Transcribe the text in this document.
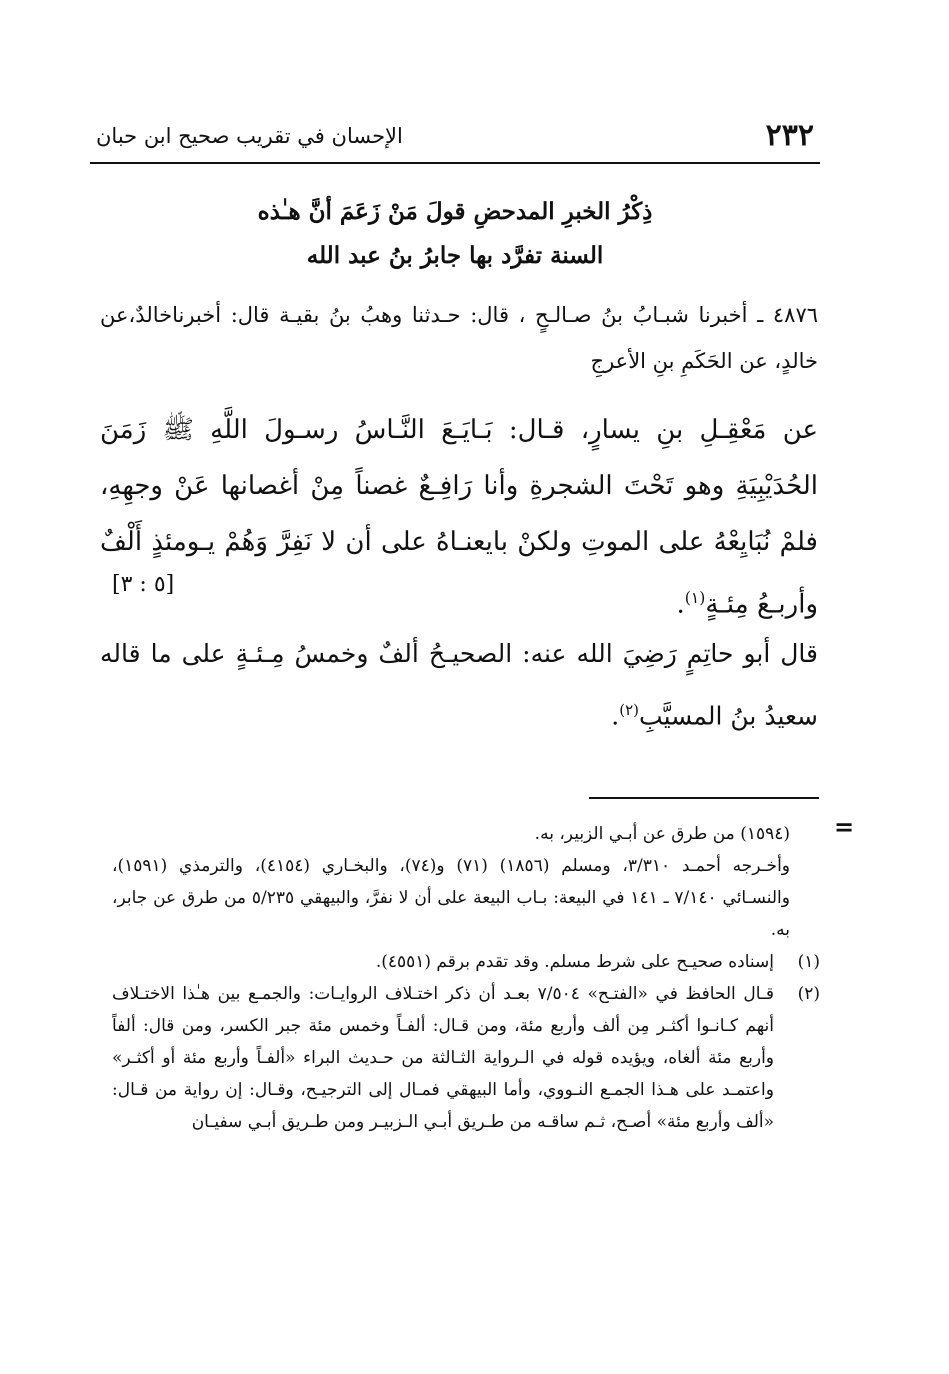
٢٣٢
الإحسان في تقريب صحيح ابن حبان
ذِكْرُ الخبرِ المدحضِ قولَ مَنْ زَعَمَ أنَّ هـٰذه
السنة تفرَّد بها جابرُ بنُ عبد الله
٤٨٧٦ ـ أخبرنا شبـابُ بنُ صـالـحٍ ، قال: حـدثنا وهبُ بنُ بقيـة قال: أخبرناخالدٌ،عن خالدٍ، عن الحَكَمِ بنِ الأعرجِ
عن مَعْقِـلِ بنِ يسارٍ، قـال: بَـايَـعَ النَّـاسُ رسـولَ اللَّهِ ﷺ زَمَنَ الحُدَيْبِيَةِ وهو تَحْتَ الشجرةِ وأنا رَافِـعٌ غصناً مِنْ أغصانها عَنْ وجهِهِ، فلمْ نُبَايِعْهُ على الموتِ ولكنْ بايعنـاهُ على أن لا نَفِرَّ وَهُمْ يـومئذٍ أَلْفٌ وأربـعُ مِئـةٍ$^{(١)}$.
[٥ : ٣]
قال أبو حاتِمٍ رَضِيَ الله عنه: الصحيـحُ ألفٌ وخمسُ مِـئـةٍ على ما قاله سعيدُ بنُ المسيَّبِ$^{(٢)}$.
=

(١٥٩٤) من طرق عن أبـي الزبير، به.

وأخـرجه أحمـد ٣/٣١٠، ومسلم (١٨٥٦) (٧١) و(٧٤)، والبخـاري (٤١٥٤)، والترمذي (١٥٩١)، والنسـائي ٧/١٤٠ ـ ١٤١ في البيعة: بـاب البيعة على أن لا نفرَّ، والبيهقي ٥/٢٣٥ من طرق عن جابر، به.

(١)
إسناده صحيـح على شرط مسلم. وقد تقدم برقم (٤٥٥١).
(٢)
قـال الحافظ في «الفتـح» ٧/٥٠٤ بعـد أن ذكر اختـلاف الروايـات: والجمـع بين هـٰذا الاختـلاف أنهم كـانـوا أكثـر مِن ألف وأربع مئة، ومن قـال: ألفـاً وخمس مئة جبر الكسر، ومن قال: ألفاً وأربع مئة ألغاه، ويؤيده قوله في الـرواية الثـالثة من حـديث البراء «ألفـاً وأربع مئة أو أكثـر» واعتمـد على هـذا الجمـع النـووي، وأما البيهقي فمـال إلى الترجيـح، وقـال: إن رواية من قـال: «ألف وأربع مئة» أصـح، ثـم ساقـه من طـريق أبـي الـزبيـر ومن طـريق أبـي سفيـان
